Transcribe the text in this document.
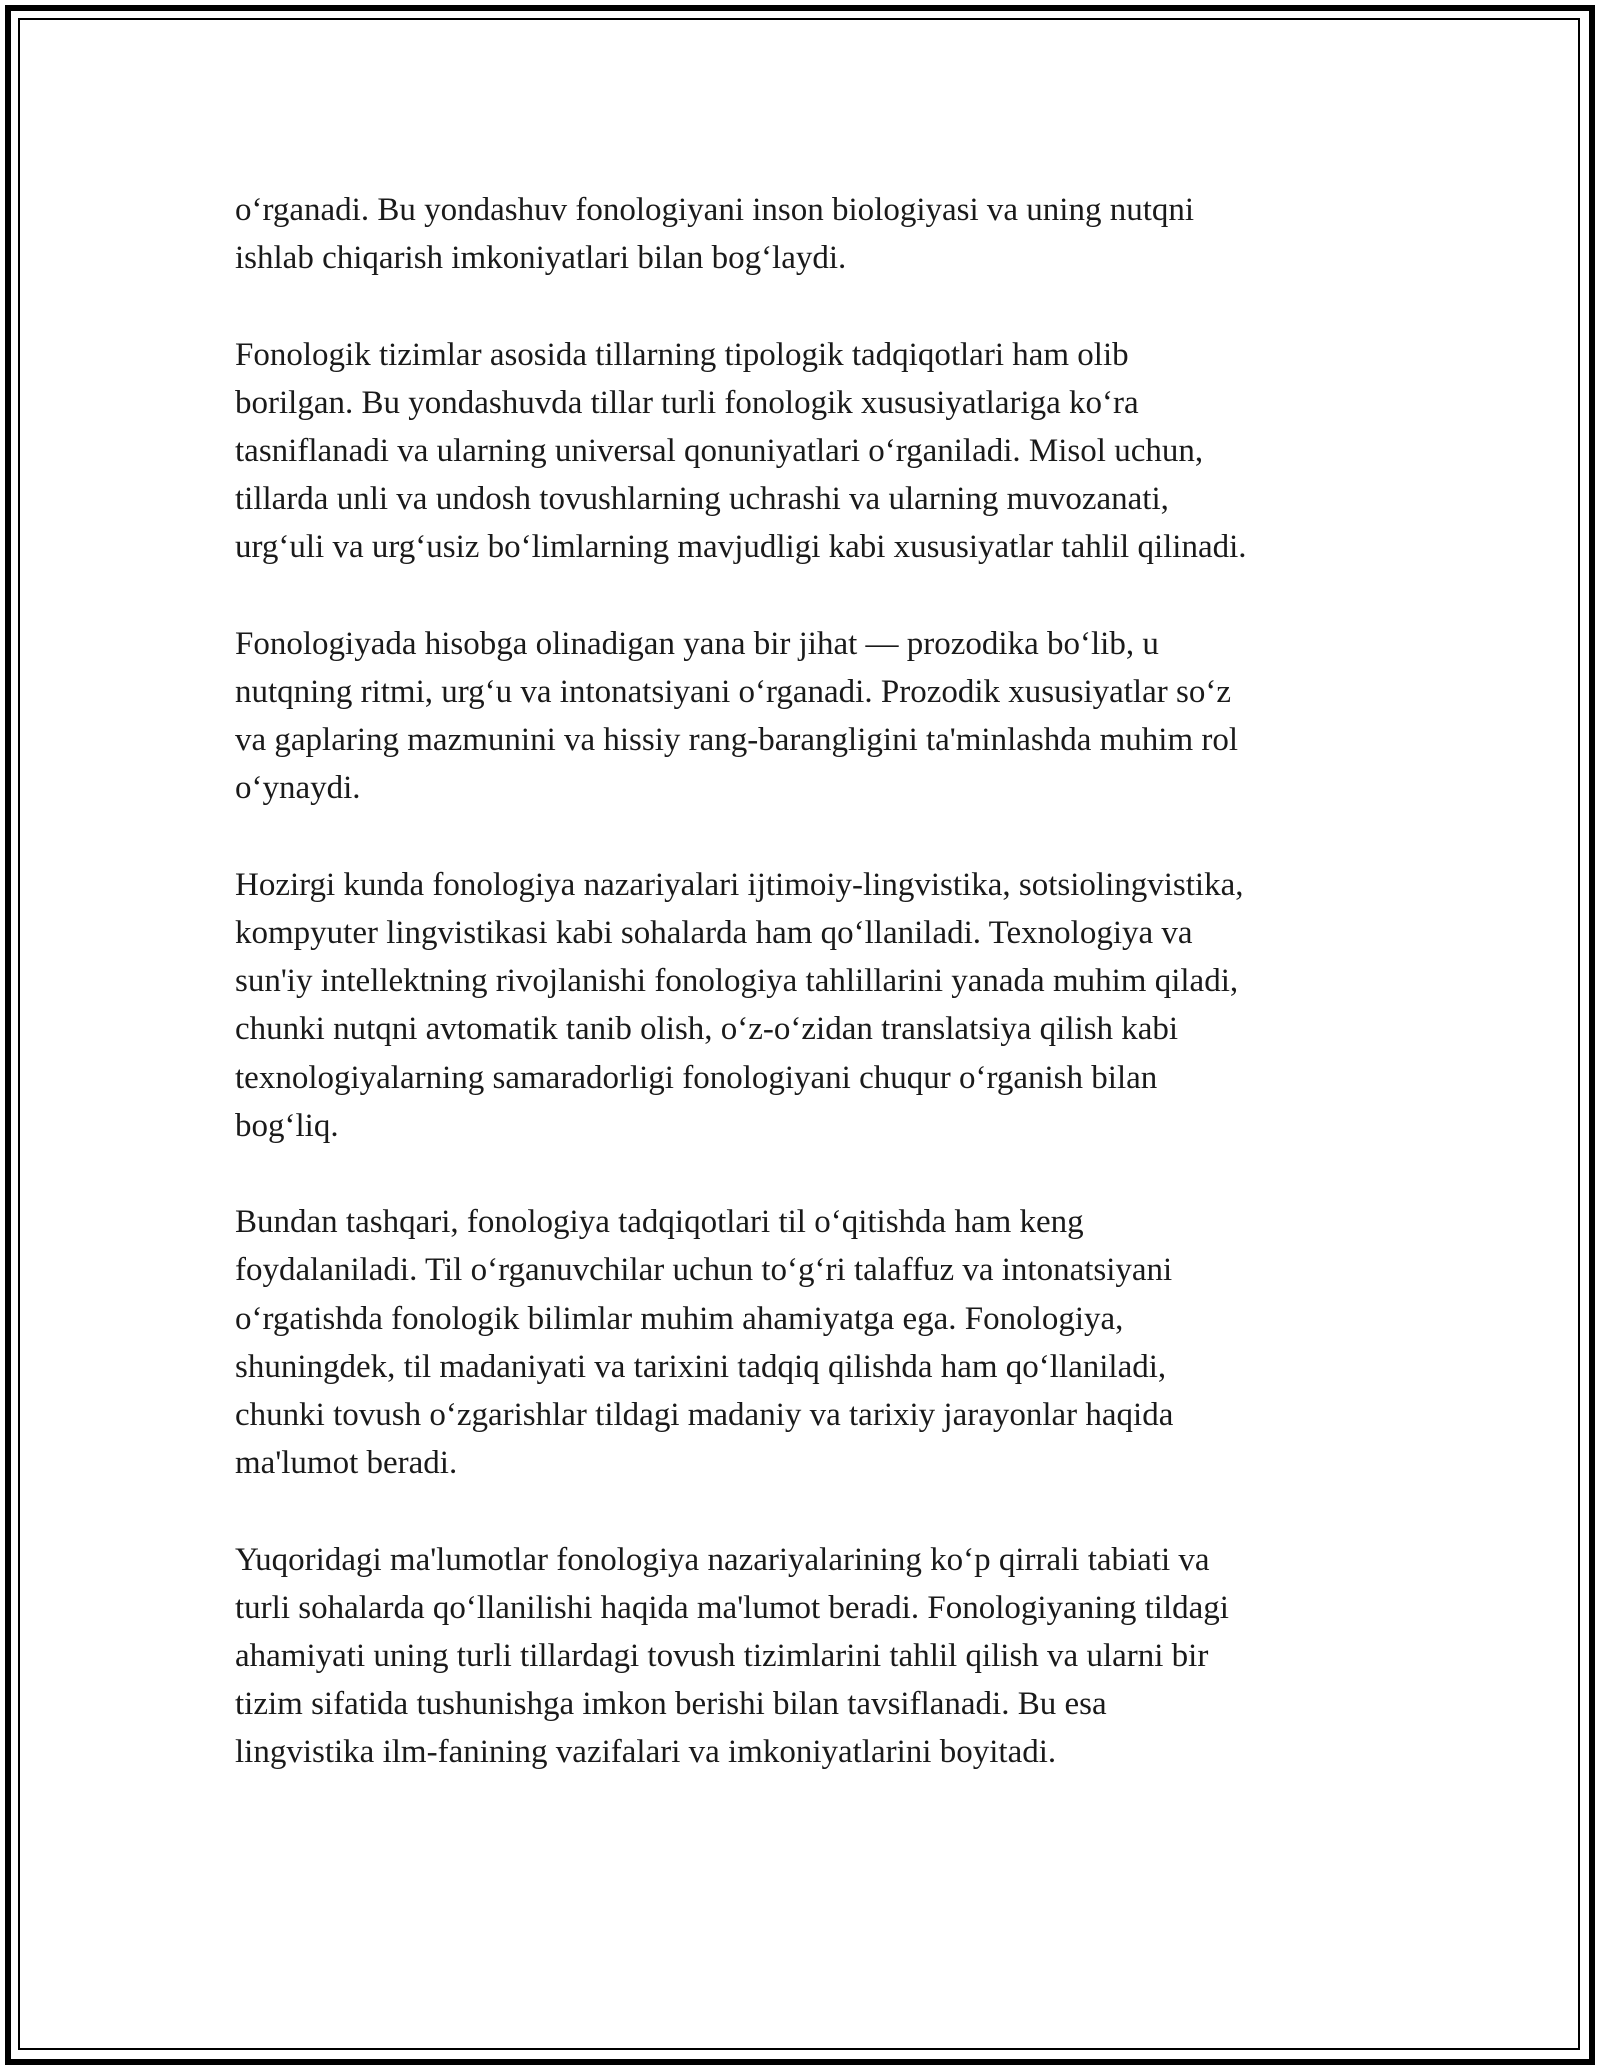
o‘rganadi. Bu yondashuv fonologiyani inson biologiyasi va uning nutqni
ishlab chiqarish imkoniyatlari bilan bog‘laydi.

Fonologik tizimlar asosida tillarning tipologik tadqiqotlari ham olib
borilgan. Bu yondashuvda tillar turli fonologik xususiyatlariga ko‘ra
tasniflanadi va ularning universal qonuniyatlari o‘rganiladi. Misol uchun,
tillarda unli va undosh tovushlarning uchrashi va ularning muvozanati,
urg‘uli va urg‘usiz bo‘limlarning mavjudligi kabi xususiyatlar tahlil qilinadi.

Fonologiyada hisobga olinadigan yana bir jihat — prozodika bo‘lib, u
nutqning ritmi, urg‘u va intonatsiyani o‘rganadi. Prozodik xususiyatlar so‘z
va gaplaring mazmunini va hissiy rang-barangligini ta'minlashda muhim rol
o‘ynaydi.

Hozirgi kunda fonologiya nazariyalari ijtimoiy-lingvistika, sotsiolingvistika,
kompyuter lingvistikasi kabi sohalarda ham qo‘llaniladi. Texnologiya va
sun'iy intellektning rivojlanishi fonologiya tahlillarini yanada muhim qiladi,
chunki nutqni avtomatik tanib olish, o‘z-o‘zidan translatsiya qilish kabi
texnologiyalarning samaradorligi fonologiyani chuqur o‘rganish bilan
bog‘liq.

Bundan tashqari, fonologiya tadqiqotlari til o‘qitishda ham keng
foydalaniladi. Til o‘rganuvchilar uchun to‘g‘ri talaffuz va intonatsiyani
o‘rgatishda fonologik bilimlar muhim ahamiyatga ega. Fonologiya,
shuningdek, til madaniyati va tarixini tadqiq qilishda ham qo‘llaniladi,
chunki tovush o‘zgarishlar tildagi madaniy va tarixiy jarayonlar haqida
ma'lumot beradi.

Yuqoridagi ma'lumotlar fonologiya nazariyalarining ko‘p qirrali tabiati va
turli sohalarda qo‘llanilishi haqida ma'lumot beradi. Fonologiyaning tildagi
ahamiyati uning turli tillardagi tovush tizimlarini tahlil qilish va ularni bir
tizim sifatida tushunishga imkon berishi bilan tavsiflanadi. Bu esa
lingvistika ilm-fanining vazifalari va imkoniyatlarini boyitadi.
